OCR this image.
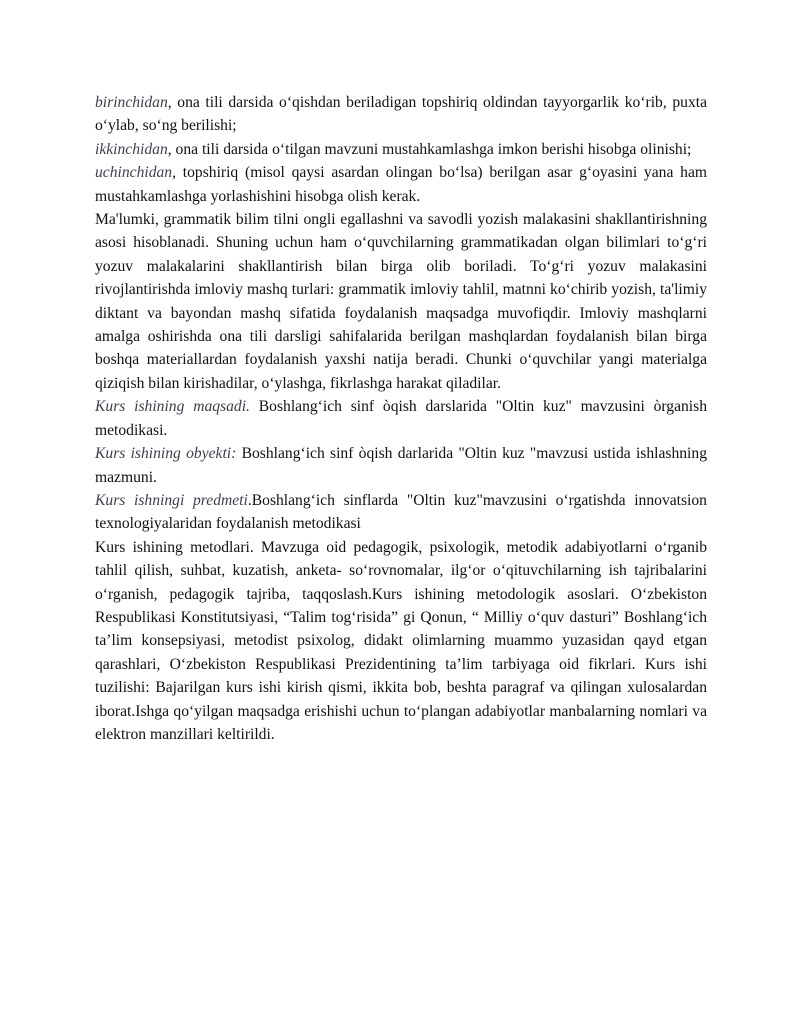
birinchidan, ona tili darsida o‘qishdan beriladigan topshiriq oldindan tayyorgarlik ko‘rib, puxta o‘ylab, so‘ng berilishi;

ikkinchidan, ona tili darsida o‘tilgan mavzuni mustahkamlashga imkon berishi hisobga olinishi;

uchinchidan, topshiriq (misol qaysi asardan olingan bo‘lsa) berilgan asar g‘oyasini yana ham mustahkamlashga yorlashishini hisobga olish kerak.

Ma'lumki, grammatik bilim tilni ongli egallashni va savodli yozish malakasini shakllantirishning asosi hisoblanadi. Shuning uchun ham o‘quvchilarning grammatikadan olgan bilimlari to‘g‘ri yozuv malakalarini shakllantirish bilan birga olib boriladi. To‘g‘ri yozuv malakasini rivojlantirishda imloviy mashq turlari: grammatik imloviy tahlil, matnni ko‘chirib yozish, ta'limiy diktant va bayondan mashq sifatida foydalanish maqsadga muvofiqdir. Imloviy mashqlarni amalga oshirishda ona tili darsligi sahifalarida berilgan mashqlardan foydalanish bilan birga boshqa materiallardan foydalanish yaxshi natija beradi. Chunki o‘quvchilar yangi materialga qiziqish bilan kirishadilar, o‘ylashga, fikrlashga harakat qiladilar.

Kurs ishining maqsadi. Boshlang‘ich sinf òqish darslarida "Oltin kuz" mavzusini òrganish metodikasi.

Kurs ishining obyekti: Boshlang‘ich sinf òqish darlarida "Oltin kuz "mavzusi ustida ishlashning mazmuni.

Kurs ishningi predmeti.Boshlang‘ich sinflarda "Oltin kuz"mavzusini o‘rgatishda innovatsion texnologiyalaridan foydalanish metodikasi

Kurs ishining metodlari. Mavzuga oid pedagogik, psixologik, metodik adabiyotlarni o‘rganib tahlil qilish, suhbat, kuzatish, anketa- so‘rovnomalar, ilg‘or o‘qituvchilarning ish tajribalarini o‘rganish, pedagogik tajriba, taqqoslash.Kurs ishining metodologik asoslari. O‘zbekiston Respublikasi Konstitutsiyasi, “Talim tog‘risida” gi Qonun, “ Milliy o‘quv dasturi” Boshlang‘ich ta’lim konsepsiyasi, metodist psixolog, didakt olimlarning muammo yuzasidan qayd etgan qarashlari, O‘zbekiston Respublikasi Prezidentining ta’lim tarbiyaga oid fikrlari. Kurs ishi tuzilishi: Bajarilgan kurs ishi kirish qismi, ikkita bob, beshta paragraf va qilingan xulosalardan iborat.Ishga qo‘yilgan maqsadga erishishi uchun to‘plangan adabiyotlar manbalarning nomlari va elektron manzillari keltirildi.
